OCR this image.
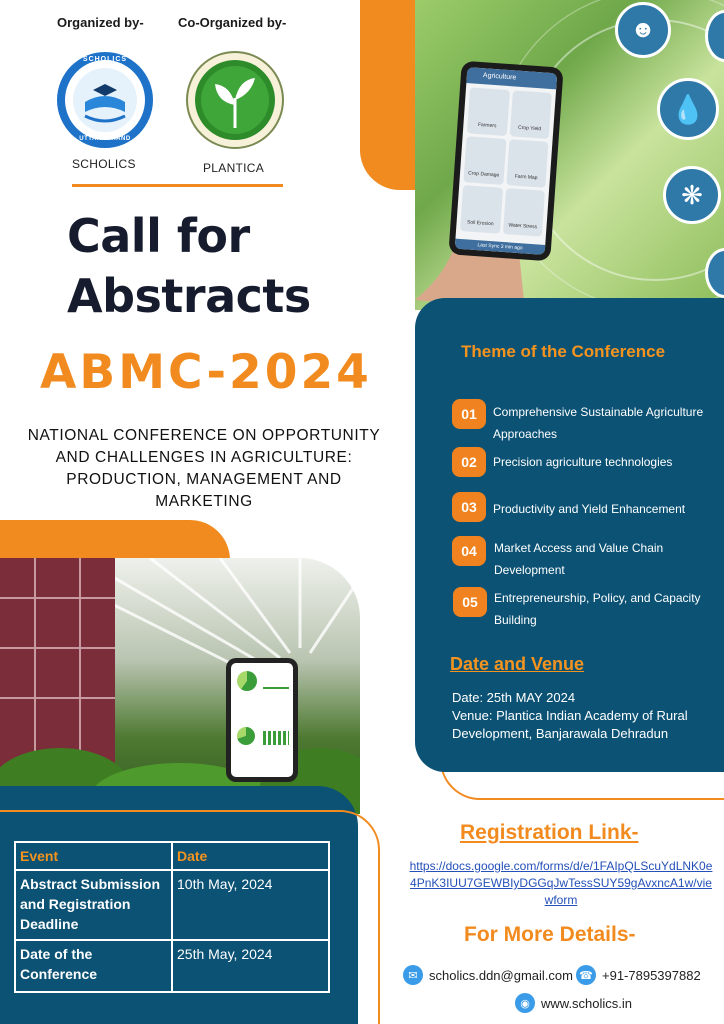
Organized by-	Co-Organized by-
SCHOLICS
UTTARAKHAND
SCHOLICS	PLANTICA
Call for
Abstracts
ABMC-2024
NATIONAL CONFERENCE ON OPPORTUNITY
AND CHALLENGES IN AGRICULTURE:
PRODUCTION, MANAGEMENT AND
MARKETING
☻
💧
❋
Agriculture
Farmers	Crop Yield
Crop Damage	Farm Map
Soil Erosion	Water Stress
Last Sync 3 min ago
Theme of the Conference
01	Comprehensive Sustainable Agriculture
Approaches
02	Precision agriculture technologies
03	Productivity and Yield Enhancement
04	Market Access and Value Chain
Development
05	Entrepreneurship, Policy, and Capacity
Building
Date and Venue
Date: 25th MAY 2024
Venue: Plantica Indian Academy of Rural
Development, Banjarawala Dehradun
Event	Date
Abstract Submission and Registration Deadline	10th May, 2024
Date of the Conference	25th May, 2024
Registration Link-
https://docs.google.com/forms/d/e/1FAIpQLScuYdLNK0e
4PnK3IUU7GEWBIyDGGqJwTessSUY59gAvxncA1w/vie
wform
For More Details-
✉ scholics.ddn@gmail.com ☎ +91-7895397882
◉ www.scholics.in
